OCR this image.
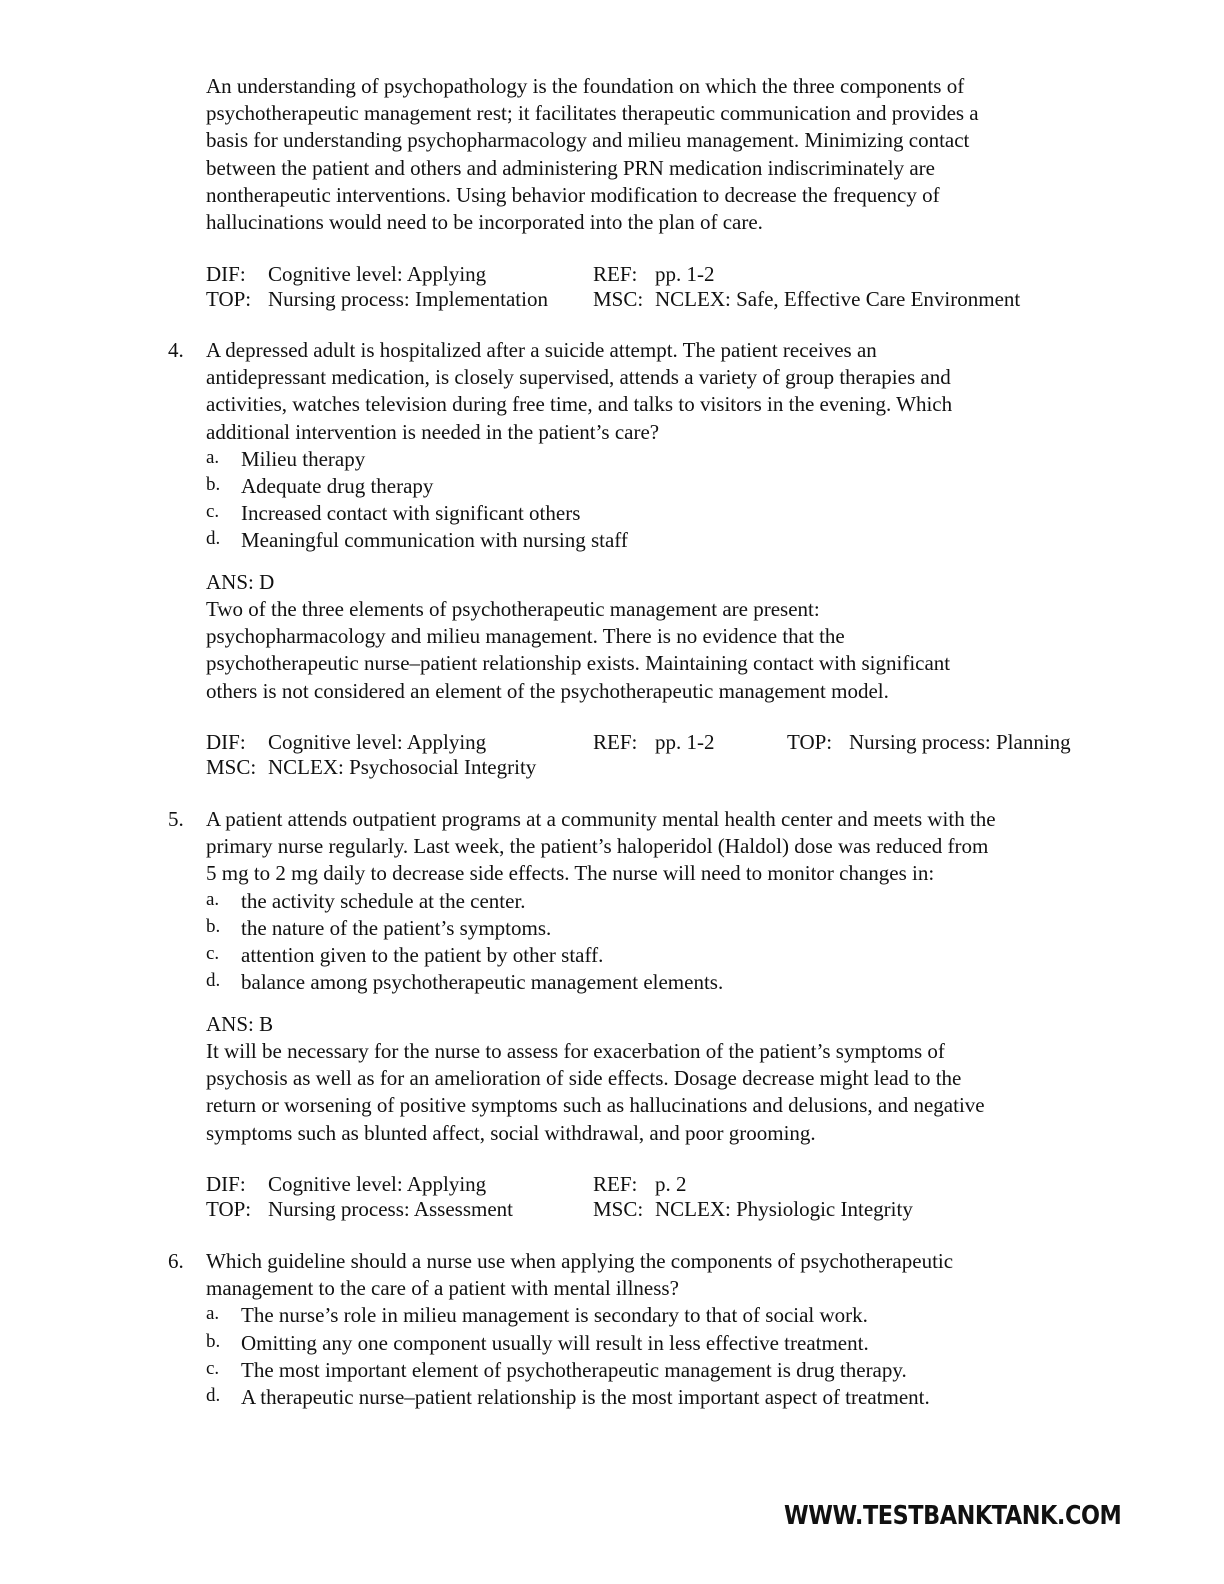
An understanding of psychopathology is the foundation on which the three components of
psychotherapeutic management rest; it facilitates therapeutic communication and provides a
basis for understanding psychopharmacology and milieu management. Minimizing contact
between the patient and others and administering PRN medication indiscriminately are
nontherapeutic interventions. Using behavior modification to decrease the frequency of
hallucinations would need to be incorporated into the plan of care.

DIF: Cognitive level: Applying	REF: pp. 1-2
TOP: Nursing process: Implementation MSC: NCLEX: Safe, Effective Care Environment
4. A depressed adult is hospitalized after a suicide attempt. The patient receives an
antidepressant medication, is closely supervised, attends a variety of group therapies and
activities, watches television during free time, and talks to visitors in the evening. Which
additional intervention is needed in the patient’s care?

a. Milieu therapy
b. Adequate drug therapy
c. Increased contact with significant others
d. Meaningful communication with nursing staff

ANS: D

Two of the three elements of psychotherapeutic management are present:
psychopharmacology and milieu management. There is no evidence that the
psychotherapeutic nurse–patient relationship exists. Maintaining contact with significant
others is not considered an element of the psychotherapeutic management model.

DIF: Cognitive level: Applying	REF: pp. 1-2	TOP: Nursing process: Planning
MSC: NCLEX: Psychosocial Integrity
5. A patient attends outpatient programs at a community mental health center and meets with the
primary nurse regularly. Last week, the patient’s haloperidol (Haldol) dose was reduced from
5 mg to 2 mg daily to decrease side effects. The nurse will need to monitor changes in:

a. the activity schedule at the center.
b. the nature of the patient’s symptoms.
c. attention given to the patient by other staff.
d. balance among psychotherapeutic management elements.

ANS: B

It will be necessary for the nurse to assess for exacerbation of the patient’s symptoms of
psychosis as well as for an amelioration of side effects. Dosage decrease might lead to the
return or worsening of positive symptoms such as hallucinations and delusions, and negative
symptoms such as blunted affect, social withdrawal, and poor grooming.

DIF: Cognitive level: Applying	REF: p. 2
TOP: Nursing process: Assessment	MSC: NCLEX: Physiologic Integrity
6. Which guideline should a nurse use when applying the components of psychotherapeutic
management to the care of a patient with mental illness?

a. The nurse’s role in milieu management is secondary to that of social work.
b. Omitting any one component usually will result in less effective treatment.
c. The most important element of psychotherapeutic management is drug therapy.
d. A therapeutic nurse–patient relationship is the most important aspect of treatment.
WWW.TESTBANKTANK.COM
